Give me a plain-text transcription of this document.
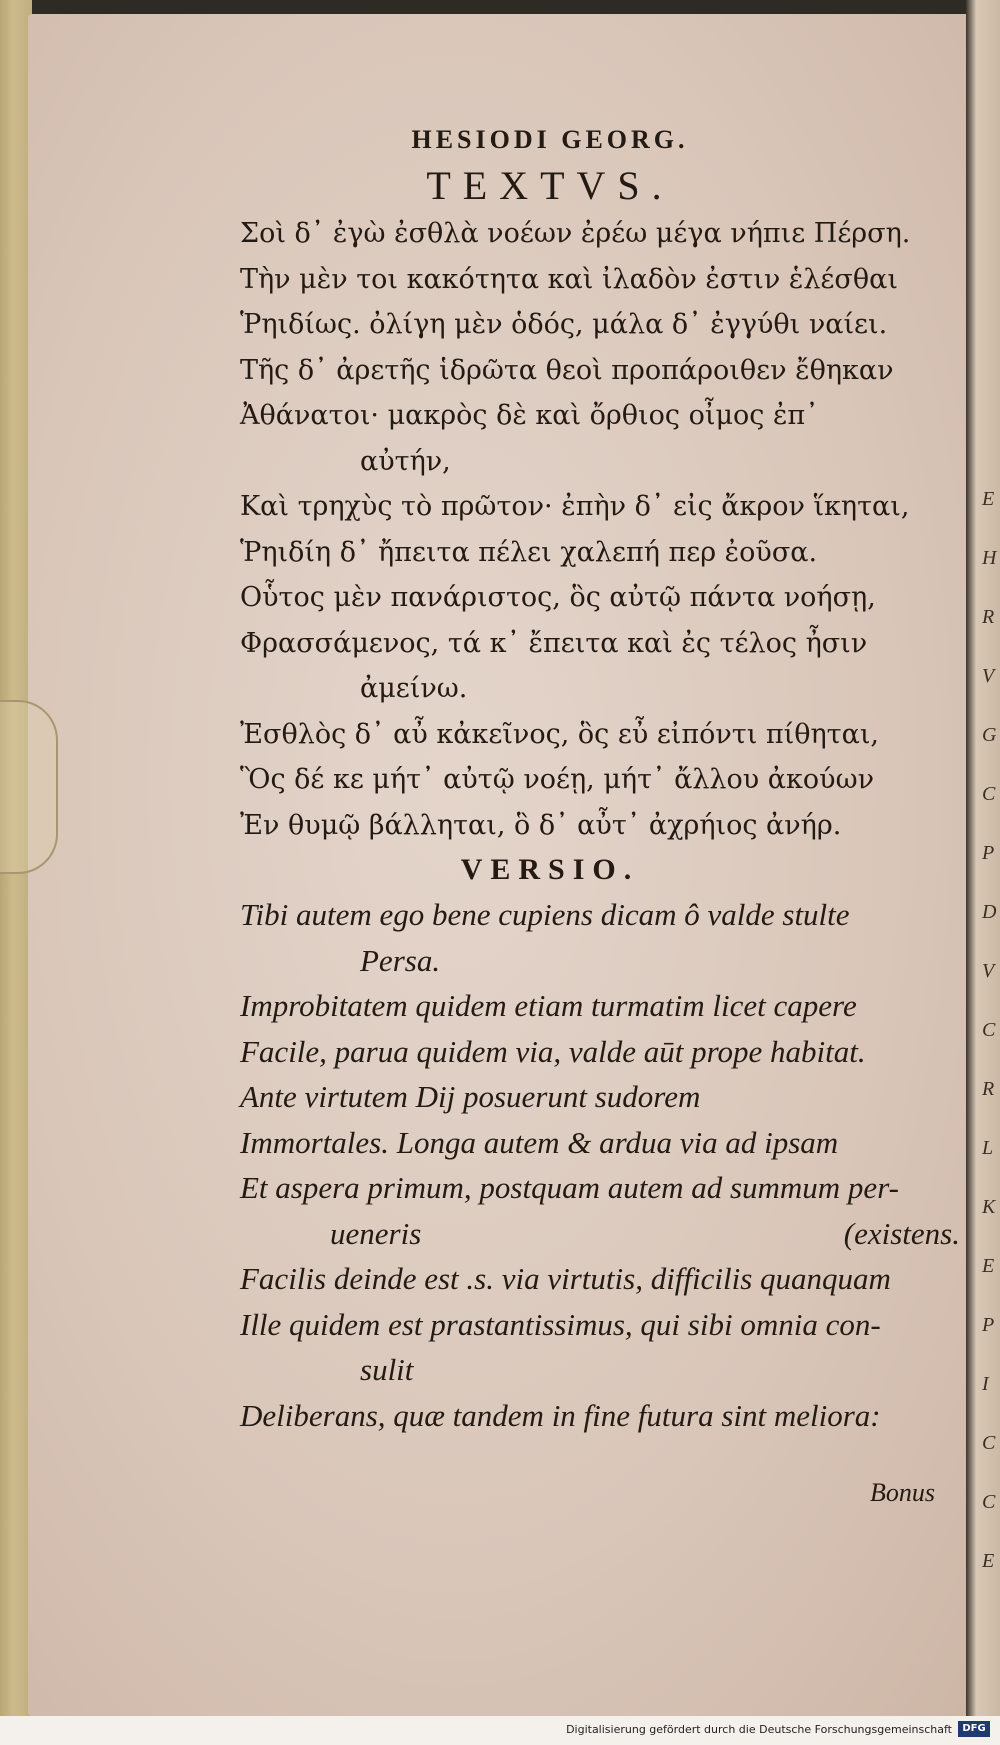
E
H
R
V
G
C
P
D
V
C
R
L
K
E
P
I
C
C
E
HESIODI GEORG.
TEXTVS.
Σοὶ δ᾽ ἐγὼ ἐσθλὰ νοέων ἐρέω μέγα νήπιε Πέρση.
Τὴν μὲν τοι κακότητα καὶ ἰλαδὸν ἐστιν ἑλέσθαι
Ῥηιδίως. ὀλίγη μὲν ὁδός, μάλα δ᾽ ἐγγύθι ναίει.
Τῆς δ᾽ ἀρετῆς ἱδρῶτα θεοὶ προπάροιθεν ἔθηκαν
Ἀθάνατοι· μακρὸς δὲ καὶ ὄρθιος οἶμος ἐπ᾽
αὐτήν,
Καὶ τρηχὺς τὸ πρῶτον· ἐπὴν δ᾽ εἰς ἄκρον ἵκηται,
Ῥηιδίη δ᾽ ἤπειτα πέλει χαλεπή περ ἐοῦσα.
Οὗτος μὲν πανάριστος, ὃς αὐτῷ πάντα νοήσῃ,
Φρασσάμενος, τά κ᾽ ἔπειτα καὶ ἐς τέλος ἦσιν
ἀμείνω.
Ἐσθλὸς δ᾽ αὖ κἀκεῖνος, ὃς εὖ εἰπόντι πίθηται,
Ὃς δέ κε μήτ᾽ αὐτῷ νοέῃ, μήτ᾽ ἄλλου ἀκούων
Ἐν θυμῷ βάλληται, ὃ δ᾽ αὖτ᾽ ἀχρήιος ἀνήρ.
VERSIO.
Tibi autem ego bene cupiens dicam ô valde stulte
Persa.
Improbitatem quidem etiam turmatim licet capere
Facile, parua quidem via, valde aūt prope habitat.
Ante virtutem Dij posuerunt sudorem
Immortales. Longa autem & ardua via ad ipsam
Et aspera primum, postquam autem ad summum per-
ueneris	(existens.
Facilis deinde est .s. via virtutis, difficilis quanquam
Ille quidem est prastantissimus, qui sibi omnia con-
sulit
Deliberans, quæ tandem in fine futura sint meliora:
Bonus
Digitalisierung gefördert durch die Deutsche Forschungsgemeinschaft	DFG
